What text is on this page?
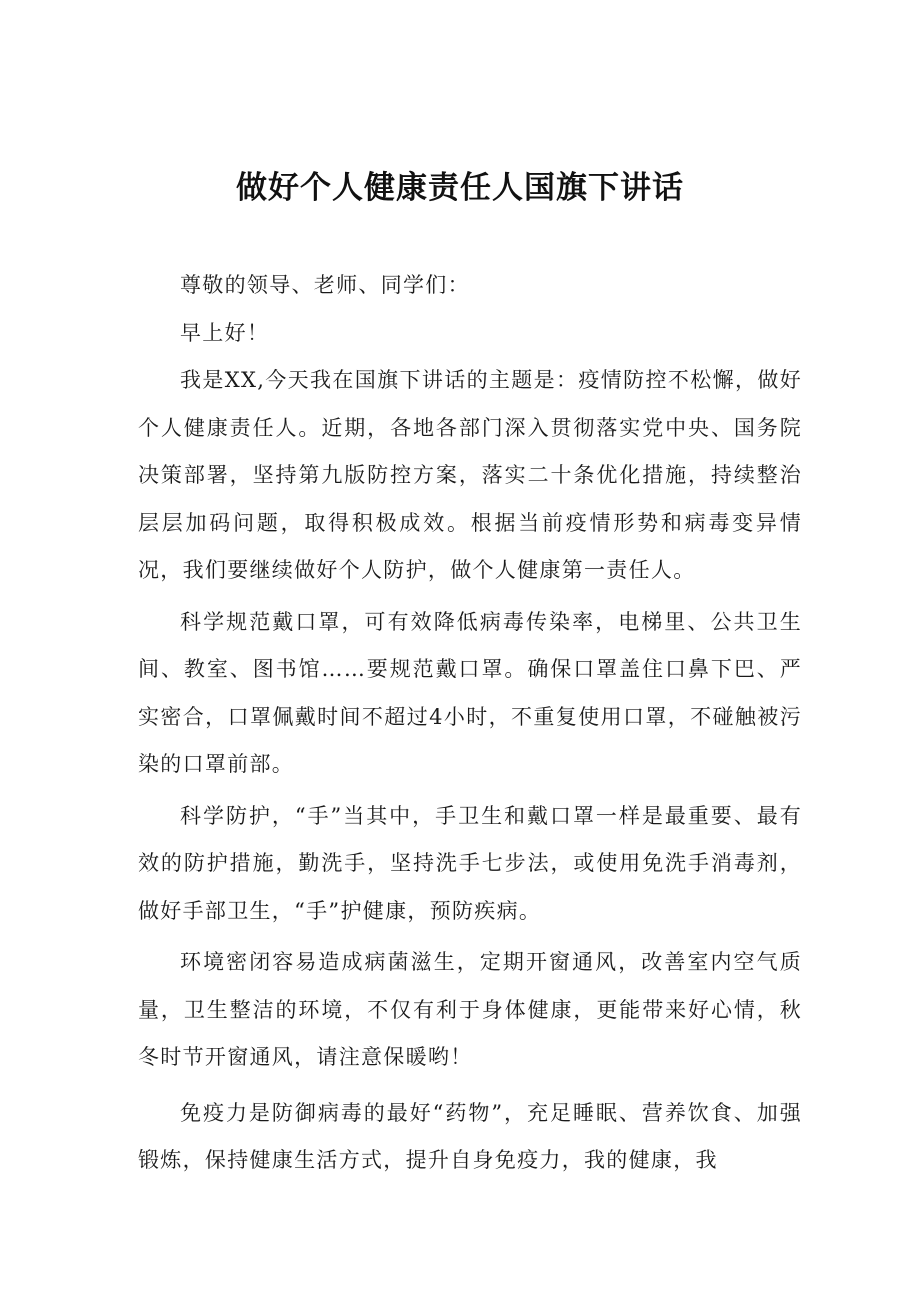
做好个人健康责任人国旗下讲话

尊敬的领导、老师、同学们：

早上好！

我是XX,今天我在国旗下讲话的主题是：疫情防控不松懈，做好个人健康责任人。近期，各地各部门深入贯彻落实党中央、国务院决策部署，坚持第九版防控方案，落实二十条优化措施，持续整治层层加码问题，取得积极成效。根据当前疫情形势和病毒变异情况，我们要继续做好个人防护，做个人健康第一责任人。

科学规范戴口罩，可有效降低病毒传染率，电梯里、公共卫生间、教室、图书馆……要规范戴口罩。确保口罩盖住口鼻下巴、严实密合，口罩佩戴时间不超过4小时，不重复使用口罩，不碰触被污染的口罩前部。

科学防护，“手”当其中，手卫生和戴口罩一样是最重要、最有效的防护措施，勤洗手，坚持洗手七步法，或使用免洗手消毒剂，做好手部卫生，“手”护健康，预防疾病。

环境密闭容易造成病菌滋生，定期开窗通风，改善室内空气质量，卫生整洁的环境，不仅有利于身体健康，更能带来好心情，秋冬时节开窗通风，请注意保暖哟！

免疫力是防御病毒的最好“药物”，充足睡眠、营养饮食、加强锻炼，保持健康生活方式，提升自身免疫力，我的健康，我
